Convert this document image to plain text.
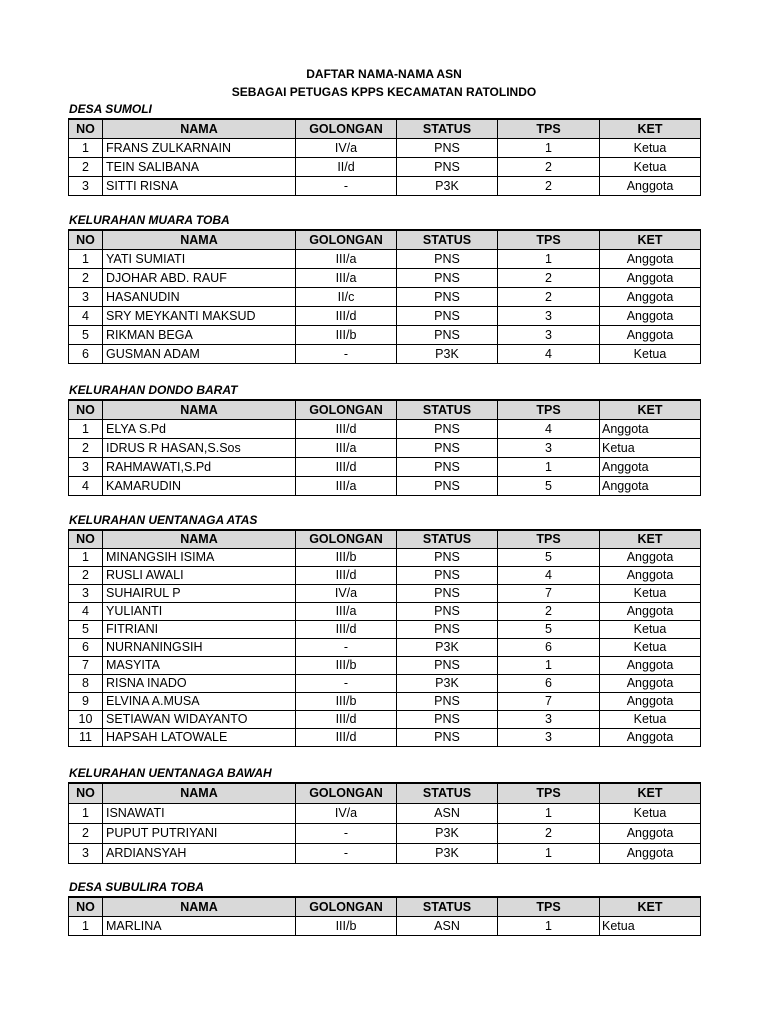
DAFTAR NAMA-NAMA ASN
SEBAGAI PETUGAS KPPS KECAMATAN RATOLINDO
DESA SUMOLI
NO	NAMA	GOLONGAN	STATUS	TPS	KET
1	FRANS ZULKARNAIN	IV/a	PNS	1	Ketua
2	TEIN SALIBANA	II/d	PNS	2	Ketua
3	SITTI RISNA	-	P3K	2	Anggota
KELURAHAN MUARA TOBA
NO	NAMA	GOLONGAN	STATUS	TPS	KET
1	YATI SUMIATI	III/a	PNS	1	Anggota
2	DJOHAR ABD. RAUF	III/a	PNS	2	Anggota
3	HASANUDIN	II/c	PNS	2	Anggota
4	SRY MEYKANTI MAKSUD	III/d	PNS	3	Anggota
5	RIKMAN BEGA	III/b	PNS	3	Anggota
6	GUSMAN ADAM	-	P3K	4	Ketua
KELURAHAN DONDO BARAT
NO	NAMA	GOLONGAN	STATUS	TPS	KET
1	ELYA S.Pd	III/d	PNS	4	Anggota
2	IDRUS R HASAN,S.Sos	III/a	PNS	3	Ketua
3	RAHMAWATI,S.Pd	III/d	PNS	1	Anggota
4	KAMARUDIN	III/a	PNS	5	Anggota
KELURAHAN UENTANAGA ATAS
NO	NAMA	GOLONGAN	STATUS	TPS	KET
1	MINANGSIH ISIMA	III/b	PNS	5	Anggota
2	RUSLI AWALI	III/d	PNS	4	Anggota
3	SUHAIRUL P	IV/a	PNS	7	Ketua
4	YULIANTI	III/a	PNS	2	Anggota
5	FITRIANI	III/d	PNS	5	Ketua
6	NURNANINGSIH	-	P3K	6	Ketua
7	MASYITA	III/b	PNS	1	Anggota
8	RISNA INADO	-	P3K	6	Anggota
9	ELVINA A.MUSA	III/b	PNS	7	Anggota
10	SETIAWAN WIDAYANTO	III/d	PNS	3	Ketua
11	HAPSAH LATOWALE	III/d	PNS	3	Anggota
KELURAHAN UENTANAGA BAWAH
NO	NAMA	GOLONGAN	STATUS	TPS	KET
1	ISNAWATI	IV/a	ASN	1	Ketua
2	PUPUT PUTRIYANI	-	P3K	2	Anggota
3	ARDIANSYAH	-	P3K	1	Anggota
DESA SUBULIRA TOBA
NO	NAMA	GOLONGAN	STATUS	TPS	KET
1	MARLINA	III/b	ASN	1	Ketua
